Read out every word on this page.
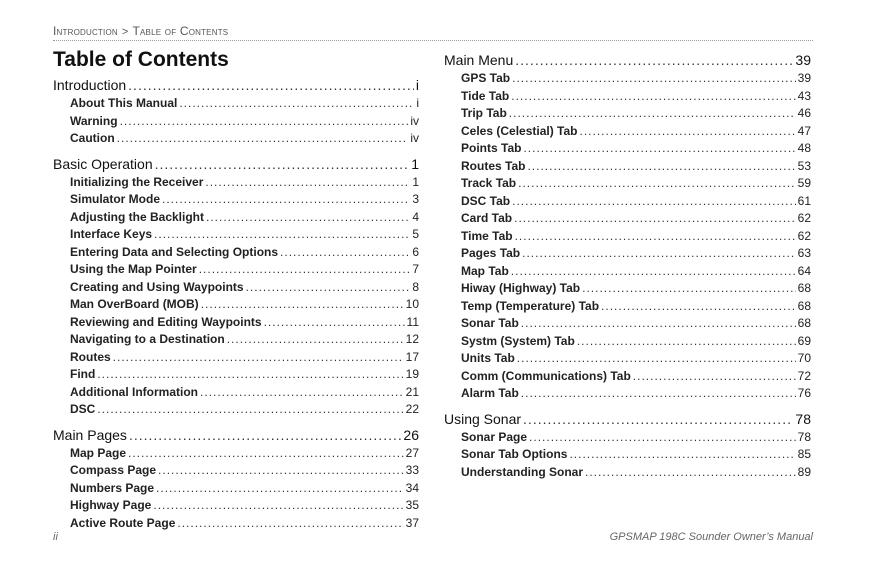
Introduction > Table of Contents
Table of Contents
Introduction .....	i
About This Manual .....	i
Warning .....	iv
Caution .....	iv
Basic Operation .....	1
Initializing the Receiver .....	1
Simulator Mode .....	3
Adjusting the Backlight .....	4
Interface Keys .....	5
Entering Data and Selecting Options .....	6
Using the Map Pointer .....	7
Creating and Using Waypoints .....	8
Man OverBoard (MOB) .....	10
Reviewing and Editing Waypoints .....	11
Navigating to a Destination .....	12
Routes .....	17
Find .....	19
Additional Information .....	21
DSC .....	22
Main Pages .....	26
Map Page .....	27
Compass Page .....	33
Numbers Page .....	34
Highway Page .....	35
Active Route Page .....	37
Main Menu .....	39
GPS Tab .....	39
Tide Tab .....	43
Trip Tab .....	46
Celes (Celestial) Tab .....	47
Points Tab .....	48
Routes Tab .....	53
Track Tab .....	59
DSC Tab .....	61
Card Tab .....	62
Time Tab .....	62
Pages Tab .....	63
Map Tab .....	64
Hiway (Highway) Tab .....	68
Temp (Temperature) Tab .....	68
Sonar Tab .....	68
Systm (System) Tab .....	69
Units Tab .....	70
Comm (Communications) Tab .....	72
Alarm Tab .....	76
Using Sonar .....	78
Sonar Page .....	78
Sonar Tab Options .....	85
Understanding Sonar .....	89
ii	GPSMAP 198C Sounder Owner’s Manual
